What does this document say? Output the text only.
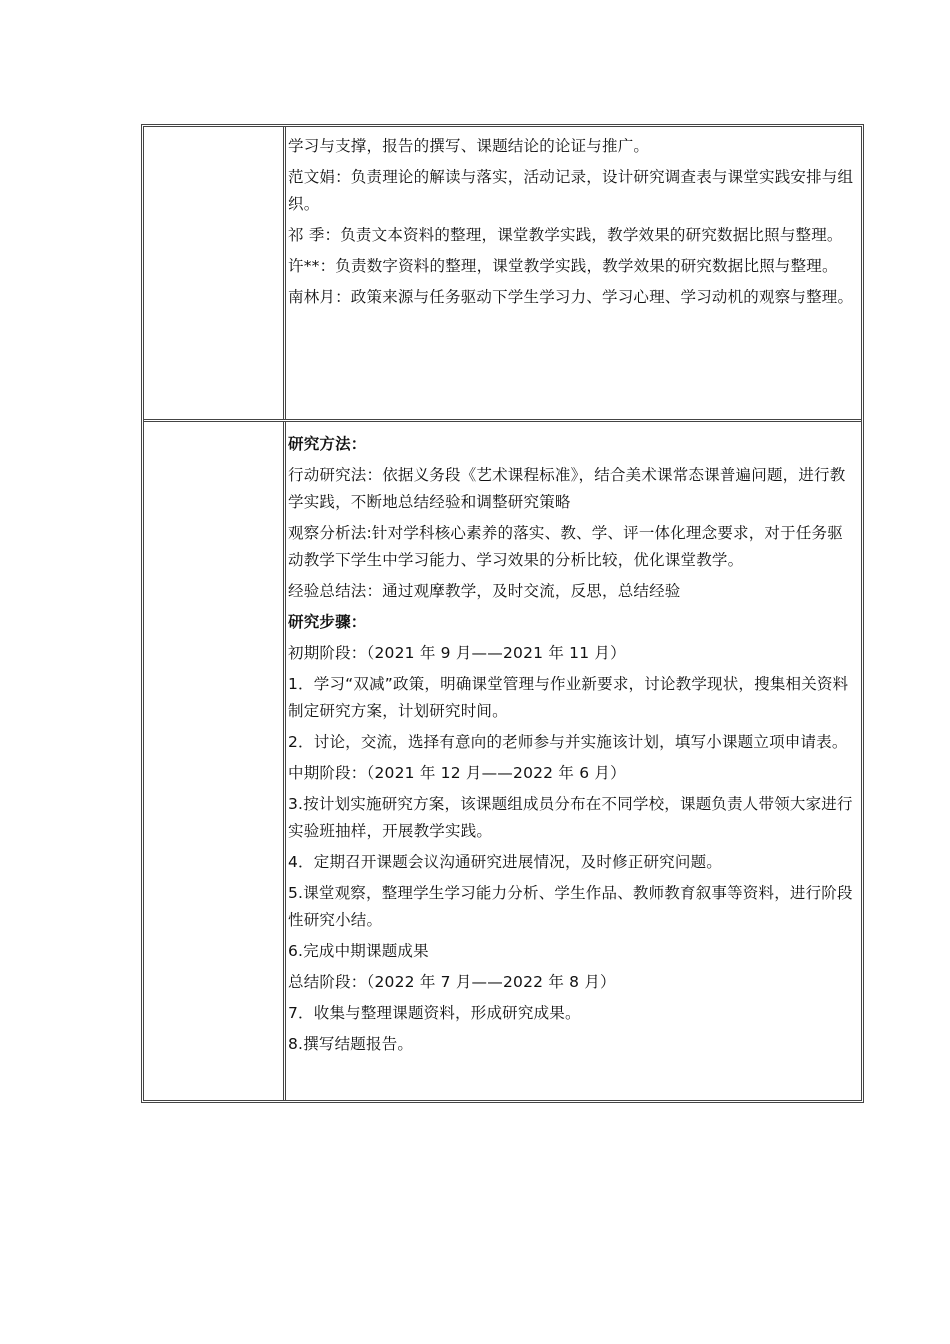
学习与支撑，报告的撰写、课题结论的论证与推广。

范文娟：负责理论的解读与落实，活动记录，设计研究调查表与课堂实践安排与组织。

祁 季：负责文本资料的整理，课堂教学实践，教学效果的研究数据比照与整理。

许**：负责数字资料的整理，课堂教学实践，教学效果的研究数据比照与整理。

南林月：政策来源与任务驱动下学生学习力、学习心理、学习动机的观察与整理。

研究方法：

行动研究法：依据义务段《艺术课程标准》，结合美术课常态课普遍问题，进行教学实践，不断地总结经验和调整研究策略

观察分析法:针对学科核心素养的落实、教、学、评一体化理念要求，对于任务驱动教学下学生中学习能力、学习效果的分析比较，优化课堂教学。

经验总结法：通过观摩教学，及时交流，反思，总结经验

研究步骤：

初期阶段：（2021 年 9 月——2021 年 11 月）

1．学习“双减”政策，明确课堂管理与作业新要求，讨论教学现状，搜集相关资料制定研究方案，计划研究时间。

2．讨论，交流，选择有意向的老师参与并实施该计划，填写小课题立项申请表。

中期阶段：（2021 年 12 月——2022 年 6 月）

3.按计划实施研究方案，该课题组成员分布在不同学校，课题负责人带领大家进行实验班抽样，开展教学实践。

4．定期召开课题会议沟通研究进展情况，及时修正研究问题。

5.课堂观察，整理学生学习能力分析、学生作品、教师教育叙事等资料，进行阶段性研究小结。

6.完成中期课题成果

总结阶段：（2022 年 7 月——2022 年 8 月）

7．收集与整理课题资料，形成研究成果。

8.撰写结题报告。
